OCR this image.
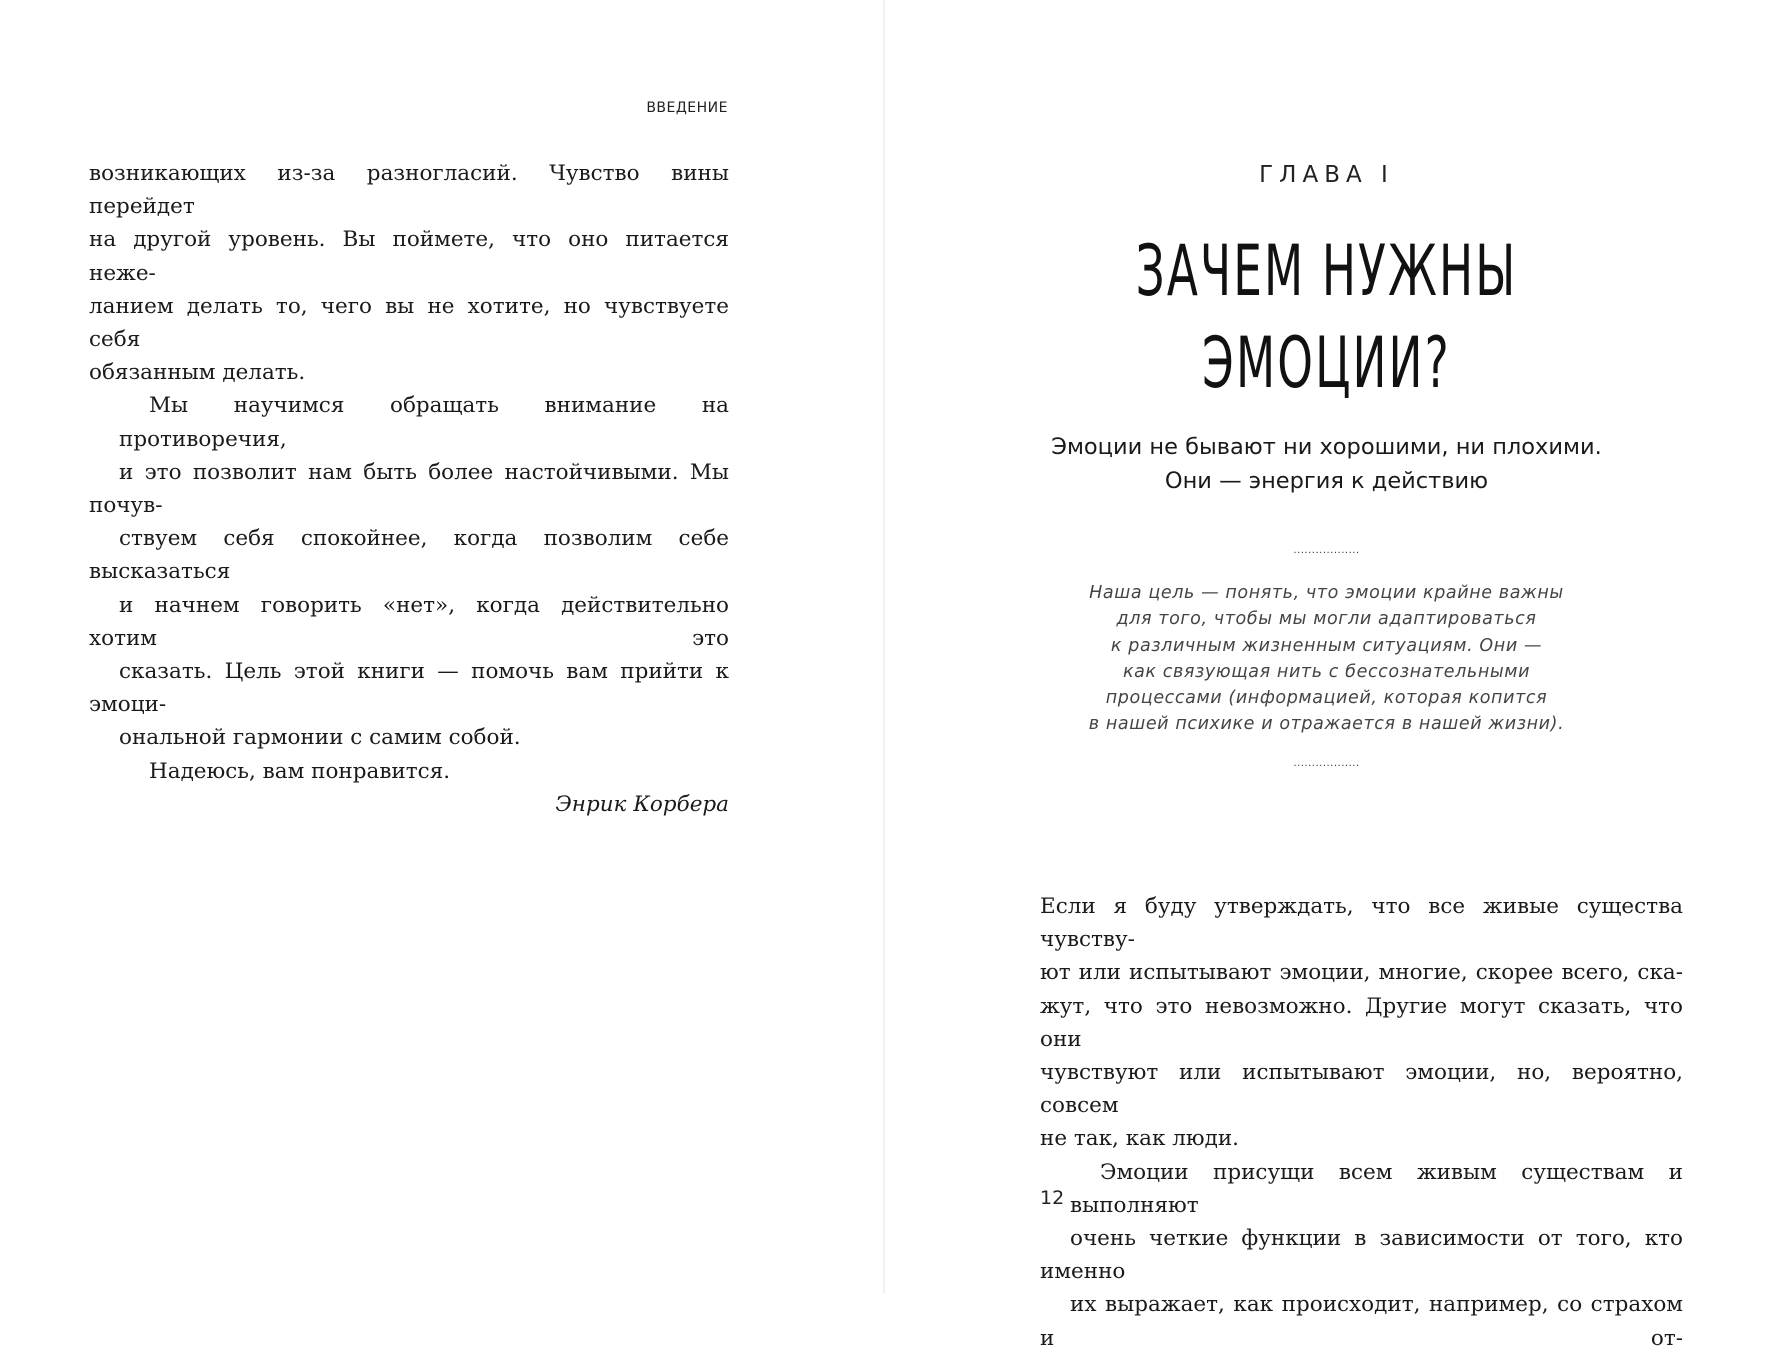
ВВЕДЕНИЕ

возникающих из-за разногласий. Чувство вины перейдет
на другой уровень. Вы поймете, что оно питается неже-
ланием делать то, чего вы не хотите, но чувствуете себя
обязанным делать.

Мы научимся обращать внимание на противоречия,
и это позволит нам быть более настойчивыми. Мы почув-
ствуем себя спокойнее, когда позволим себе высказаться
и начнем говорить «нет», когда действительно хотим это
сказать. Цель этой книги — помочь вам прийти к эмоци-
ональной гармонии с самим собой.

Надеюсь, вам понравится.

Энрик Корбера
ГЛАВА I
ЗАЧЕМ НУЖНЫ
ЭМОЦИИ?
Эмоции не бывают ни хорошими, ни плохими.
Они — энергия к действию
..................
Наша цель — понять, что эмоции крайне важны
для того, чтобы мы могли адаптироваться
к различным жизненным ситуациям. Они —
как связующая нить с бессознательными
процессами (информацией, которая копится
в нашей психике и отражается в нашей жизни).
..................

Если я буду утверждать, что все живые существа чувству-
ют или испытывают эмоции, многие, скорее всего, ска-
жут, что это невозможно. Другие могут сказать, что они
чувствуют или испытывают эмоции, но, вероятно, совсем
не так, как люди.

Эмоции присущи всем живым существам и выполняют
очень четкие функции в зависимости от того, кто именно
их выражает, как происходит, например, со страхом и от-

12
